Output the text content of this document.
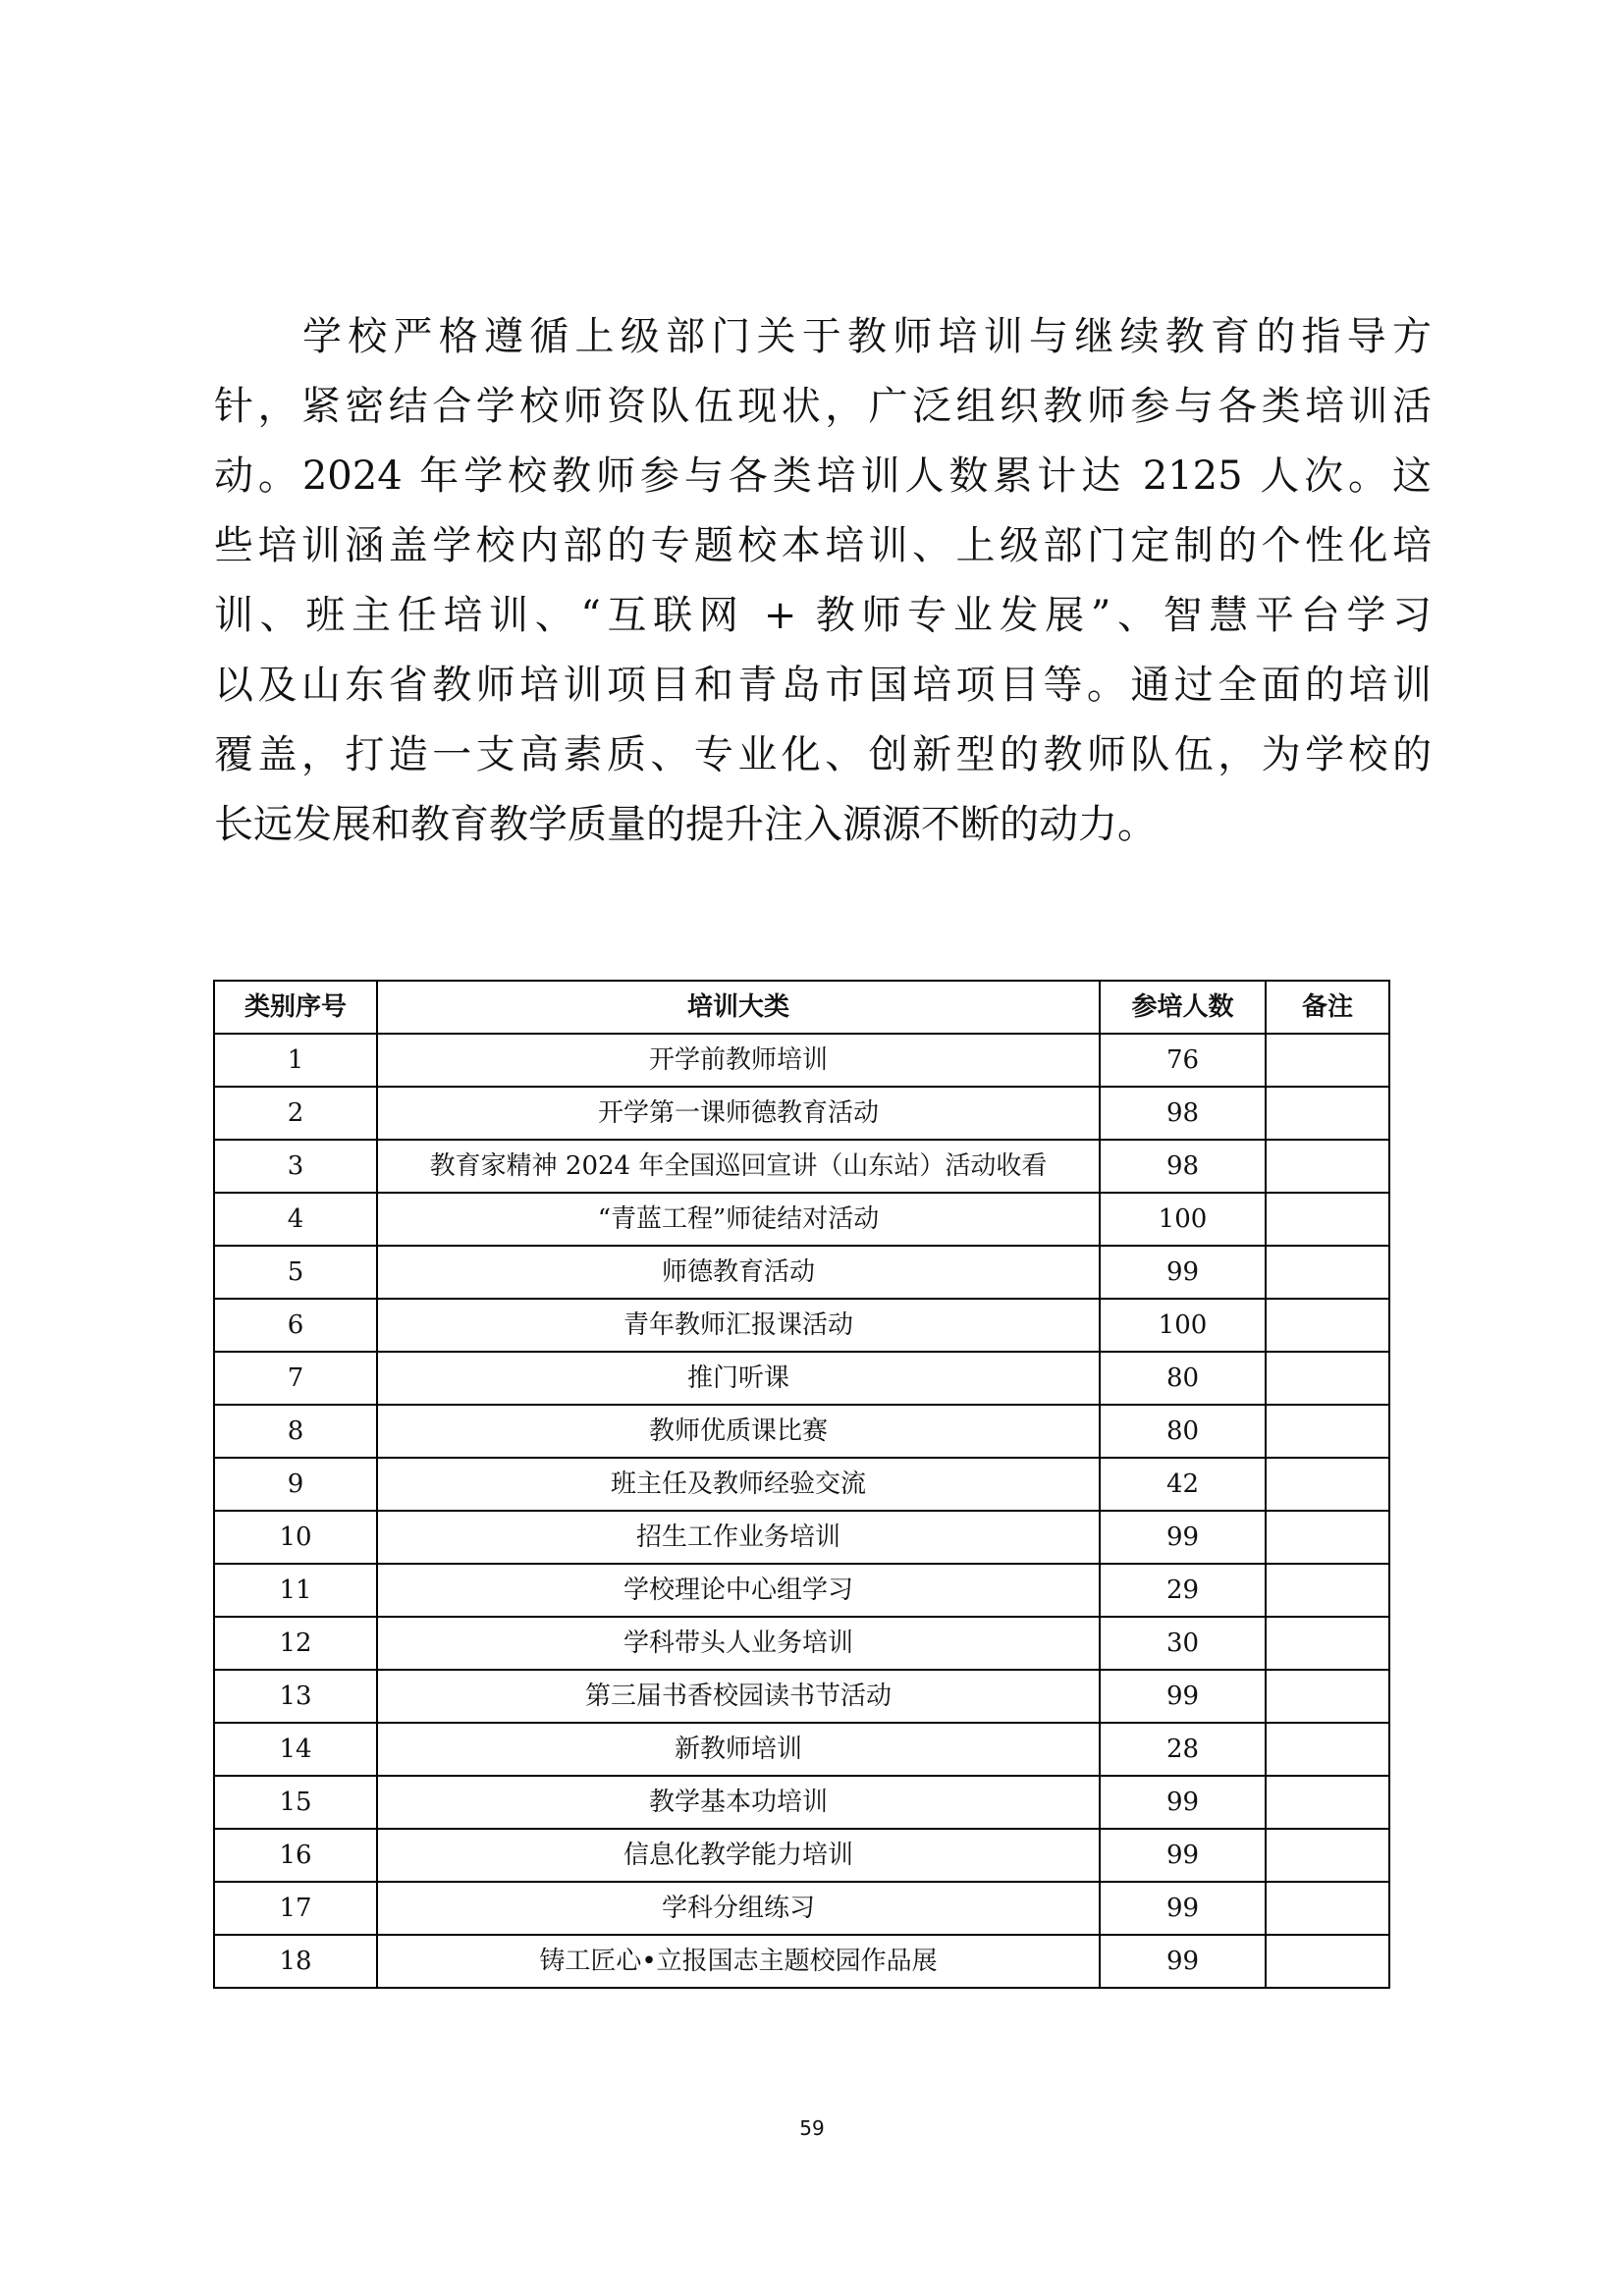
学校严格遵循上级部门关于教师培训与继续教育的指导方
针，紧密结合学校师资队伍现状，广泛组织教师参与各类培训活
动。2024 年学校教师参与各类培训人数累计达 2125 人次。这
些培训涵盖学校内部的专题校本培训、上级部门定制的个性化培
训、班主任培训、“互联网 + 教师专业发展”、智慧平台学习
以及山东省教师培训项目和青岛市国培项目等。通过全面的培训
覆盖，打造一支高素质、专业化、创新型的教师队伍，为学校的
长远发展和教育教学质量的提升注入源源不断的动力。
类别序号	培训大类	参培人数	备注
1	开学前教师培训	76	
2	开学第一课师德教育活动	98	
3	教育家精神 2024 年全国巡回宣讲（山东站）活动收看	98	
4	“青蓝工程”师徒结对活动	100	
5	师德教育活动	99	
6	青年教师汇报课活动	100	
7	推门听课	80	
8	教师优质课比赛	80	
9	班主任及教师经验交流	42	
10	招生工作业务培训	99	
11	学校理论中心组学习	29	
12	学科带头人业务培训	30	
13	第三届书香校园读书节活动	99	
14	新教师培训	28	
15	教学基本功培训	99	
16	信息化教学能力培训	99	
17	学科分组练习	99	
18	铸工匠心•立报国志主题校园作品展	99	
59
